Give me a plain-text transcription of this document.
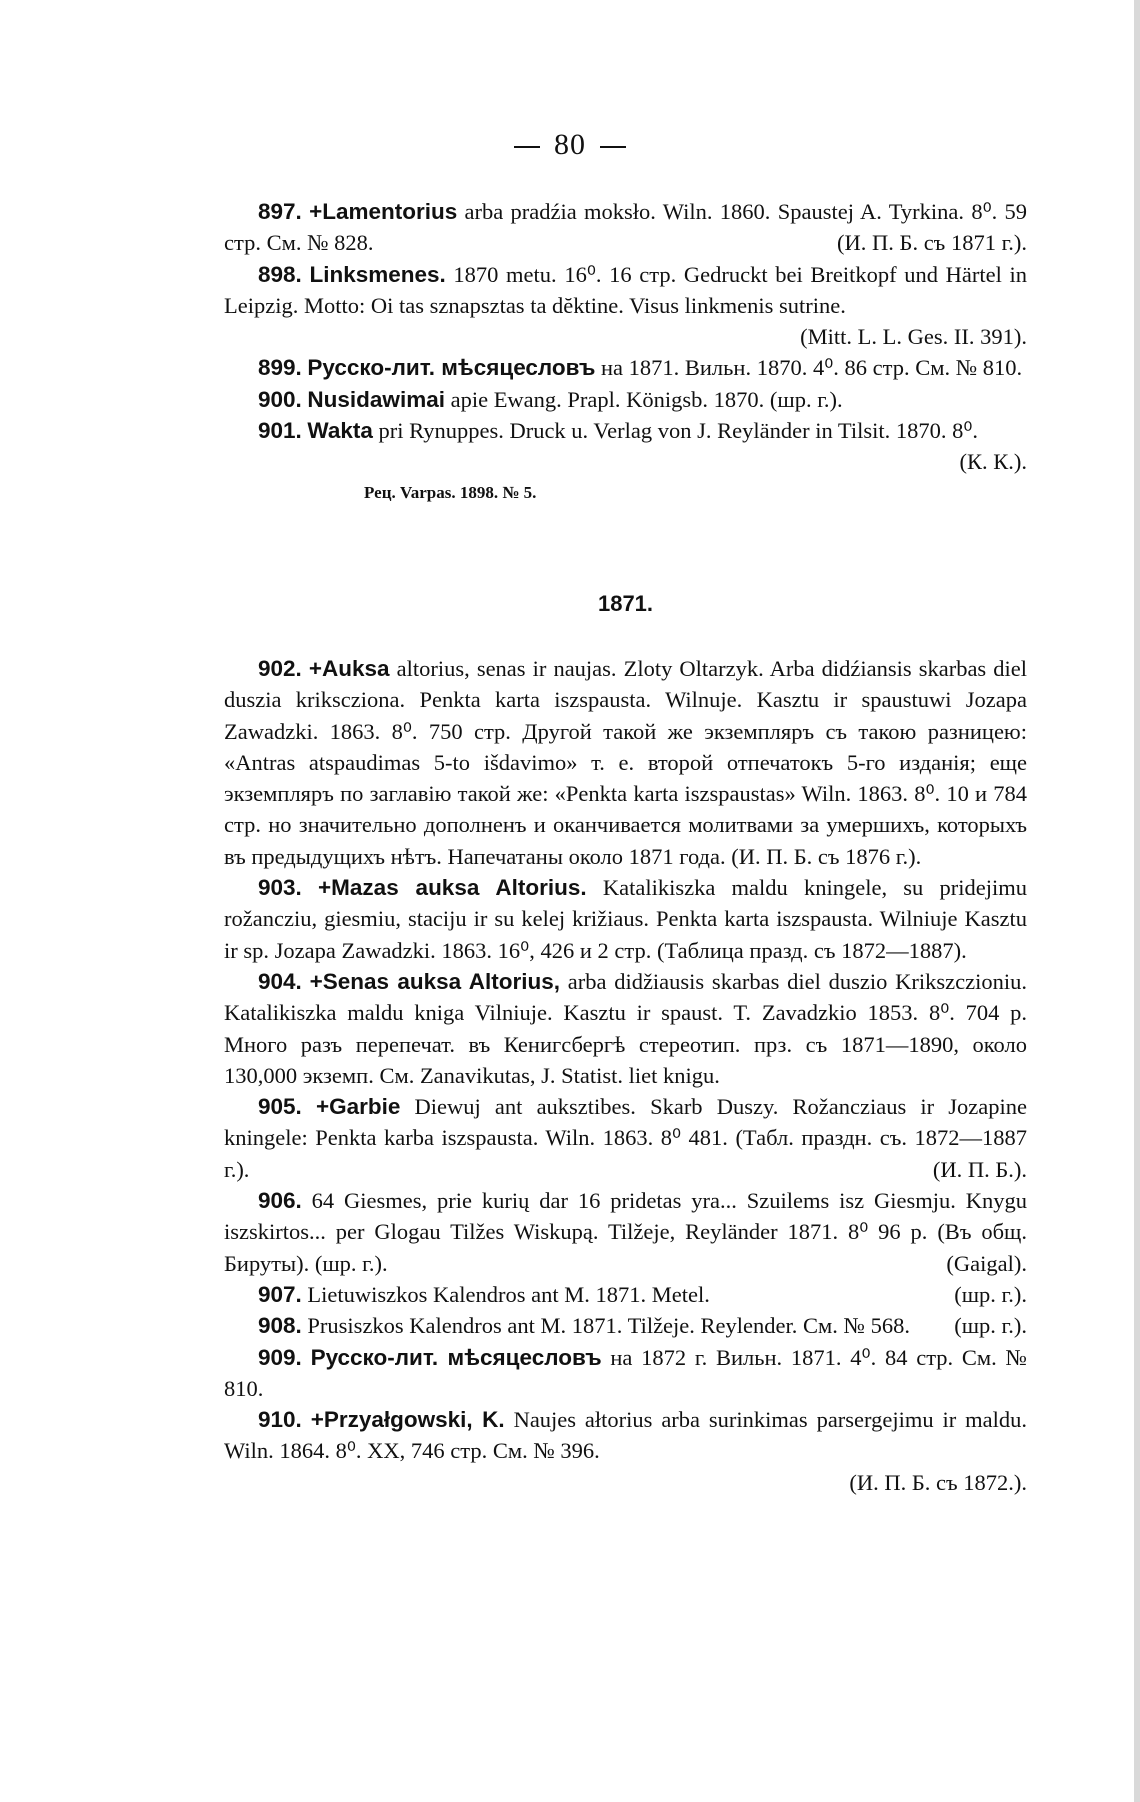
80

897. +Lamentorius arba pradźia moksło. Wiln. 1860. Spaustej A. Tyrkina. 8⁰. 59 стр. См. № 828.	(И. П. Б. съ 1871 г.).

898. Linksmenes. 1870 metu. 16⁰. 16 стр. Gedruckt bei Breitkopf und Härtel in Leipzig. Motto: Oi tas sznapsztas ta dĕktine. Visus linkmenis sutrine.
(Mitt. L. L. Ges. II. 391).

899. Русско-лит. мѣсяцесловъ на 1871. Вильн. 1870. 4⁰. 86 стр. См. № 810.

900. Nusidawimai apie Ewang. Prapl. Königsb. 1870. (шр. г.).

901. Wakta pri Rynuppes. Druck u. Verlag von J. Reyländer in Tilsit. 1870. 8⁰.
(К. К.).

Рец. Varpas. 1898. № 5.
1871.

902. +Auksa altorius, senas ir naujas. Zloty Oltarzyk. Arba didźiansis skarbas diel duszia krikscziona. Penkta karta iszspausta. Wilnuje. Kasztu ir spaustuwi Jozapa Zawadzki. 1863. 8⁰. 750 стр. Другой такой же экземпляръ съ такою разницею: «Antras atspaudimas 5-to išdavimo» т. е. второй отпечатокъ 5-го изданія; еще экземпляръ по заглавію такой же: «Penkta karta iszspaustas» Wiln. 1863. 8⁰. 10 и 784 стр. но значительно дополненъ и оканчивается молитвами за умершихъ, которыхъ въ предыдущихъ нѣтъ. Напечатаны около 1871 года. (И. П. Б. съ 1876 г.).

903. +Mazas auksa Altorius. Katalikiszka maldu kningele, su pridejimu rožancziu, giesmiu, staciju ir su kelej križiaus. Penkta karta iszspausta. Wilniuje Kasztu ir sp. Jozapa Zawadzki. 1863. 16⁰, 426 и 2 стр. (Таблица празд. съ 1872—1887).

904. +Senas auksa Altorius, arba didžiausis skarbas diel duszio Krikszczioniu. Katalikiszka maldu kniga Vilniuje. Kasztu ir spaust. T. Zavadzkio 1853. 8⁰. 704 р. Много разъ перепечат. въ Кенигсбергѣ стереотип. прз. съ 1871—1890, около 130,000 экземп. См. Zanavikutas, J. Statist. liet knigu.

905. +Garbie Diewuj ant auksztibes. Skarb Duszy. Rožancziaus ir Jozapine kningele: Penkta karba iszspausta. Wiln. 1863. 8⁰ 481. (Табл. праздн. съ. 1872—1887 г.).	(И. П. Б.).

906. 64 Giesmes, prie kurių dar 16 pridetas yra... Szuilems isz Giesmju. Knygu iszskirtos... per Glogau Tilžes Wiskupą. Tilžeje, Reyländer 1871. 8⁰ 96 р. (Въ общ. Бируты). (шр. г.).	(Gaigal).

907. Lietuwiszkos Kalendros ant M. 1871. Metel.	(шр. г.).

908. Prusiszkos Kalendros ant M. 1871. Tilžeje. Reylender. См. № 568.	(шр. г.).

909. Русско-лит. мѣсяцесловъ на 1872 г. Вильн. 1871. 4⁰. 84 стр. См. № 810.

910. +Przyałgowski, K. Naujes ałtorius arba surinkimas parsergejimu ir maldu. Wiln. 1864. 8⁰. XX, 746 стр. См. № 396.

(И. П. Б. съ 1872.).
